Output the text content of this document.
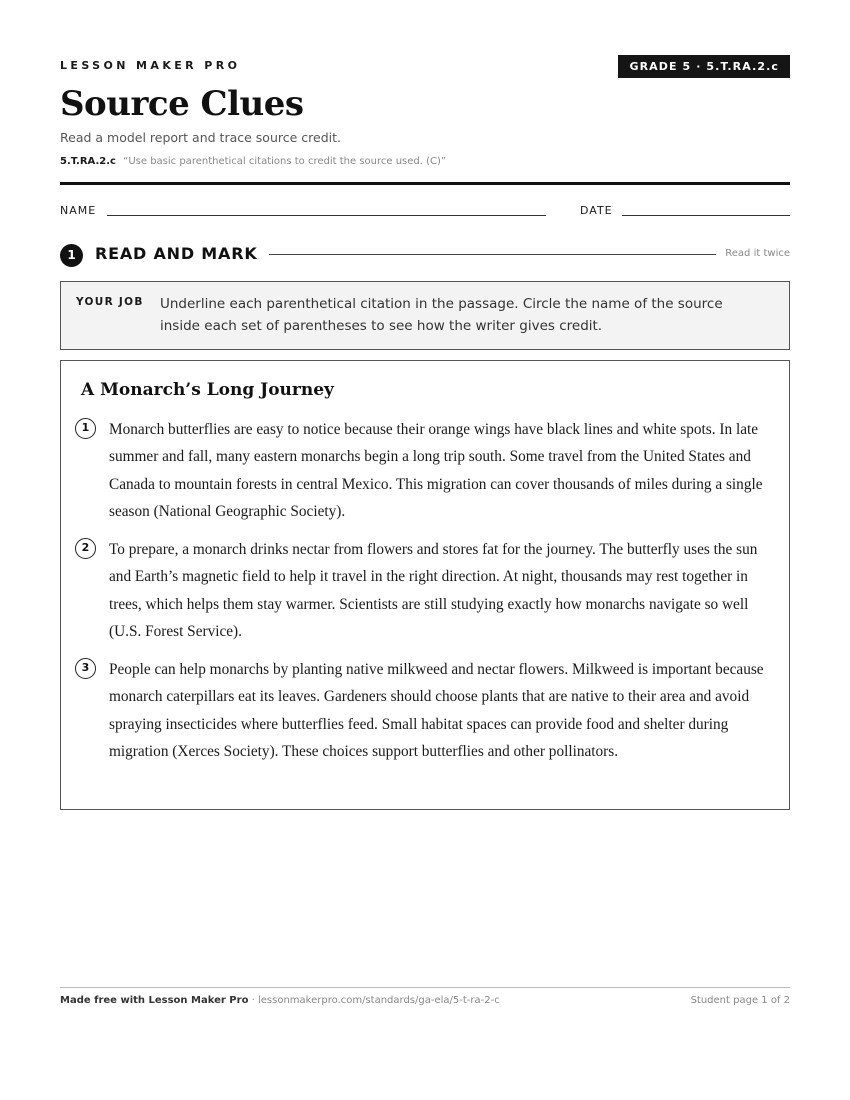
LESSON MAKER PRO	GRADE 5 · 5.T.RA.2.c
Source Clues
Read a model report and trace source credit.
5.T.RA.2.c “Use basic parenthetical citations to credit the source used. (C)”
NAME	DATE
1	READ AND MARK	Read it twice
YOUR JOB Underline each parenthetical citation in the passage. Circle the name of the source inside each set of parentheses to see how the writer gives credit.
A Monarch’s Long Journey
1	Monarch butterflies are easy to notice because their orange wings have black lines and white spots. In late summer and fall, many eastern monarchs begin a long trip south. Some travel from the United States and Canada to mountain forests in central Mexico. This migration can cover thousands of miles during a single season (National Geographic Society).
2	To prepare, a monarch drinks nectar from flowers and stores fat for the journey. The butterfly uses the sun and Earth’s magnetic field to help it travel in the right direction. At night, thousands may rest together in trees, which helps them stay warmer. Scientists are still studying exactly how monarchs navigate so well (U.S. Forest Service).
3	People can help monarchs by planting native milkweed and nectar flowers. Milkweed is important because monarch caterpillars eat its leaves. Gardeners should choose plants that are native to their area and avoid spraying insecticides where butterflies feed. Small habitat spaces can provide food and shelter during migration (Xerces Society). These choices support butterflies and other pollinators.
Made free with Lesson Maker Pro · lessonmakerpro.com/standards/ga-ela/5-t-ra-2-c	Student page 1 of 2
